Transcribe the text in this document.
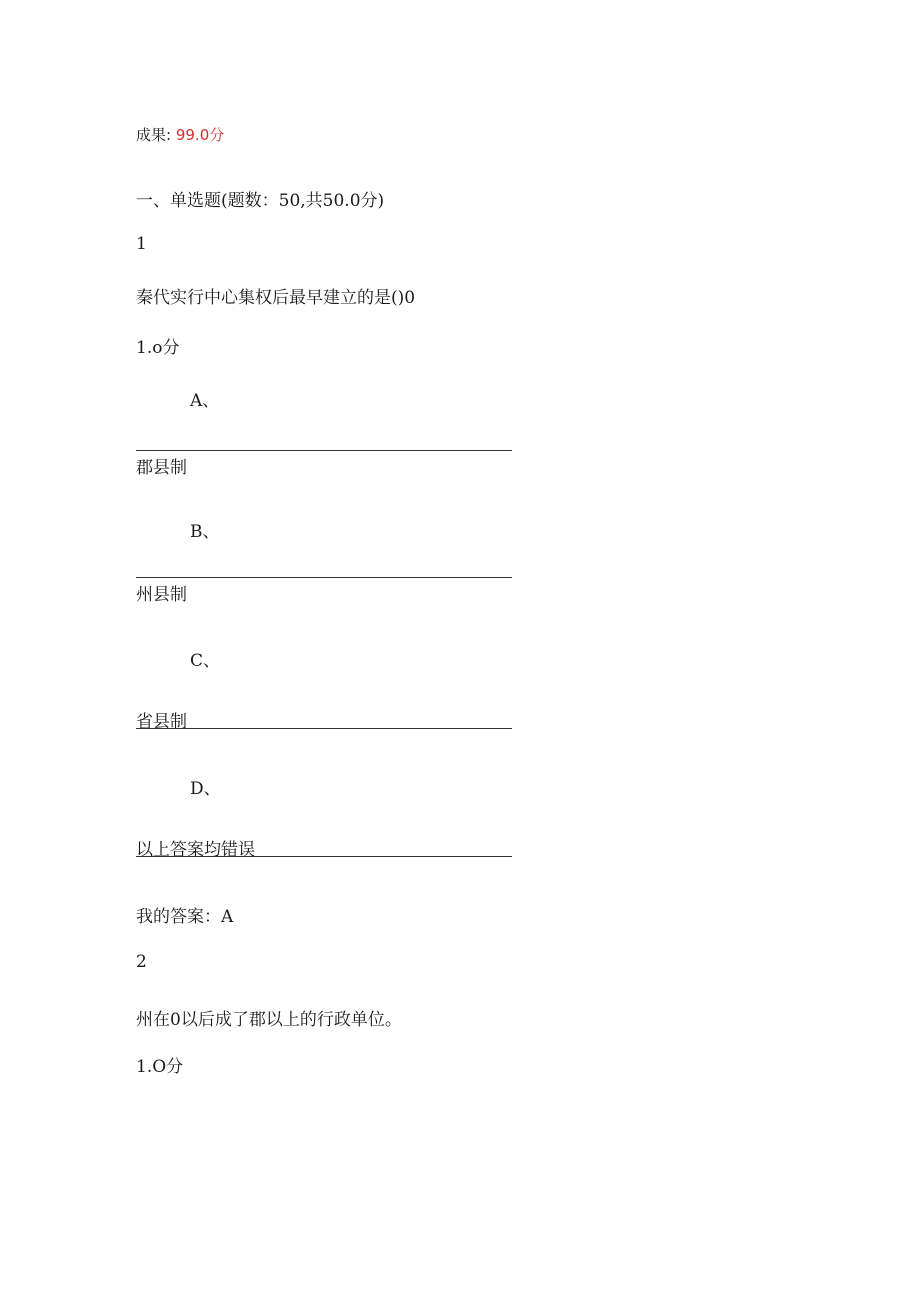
成果: 99.0分
一、单选题(题数：50,共50.0分)
1
秦代实行中心集权后最早建立的是()0
1.o分
A、
郡县制
B、
州县制
C、
省县制
D、
以上答案均错误
我的答案：A
2
州在0以后成了郡以上的行政单位。
1.O分
